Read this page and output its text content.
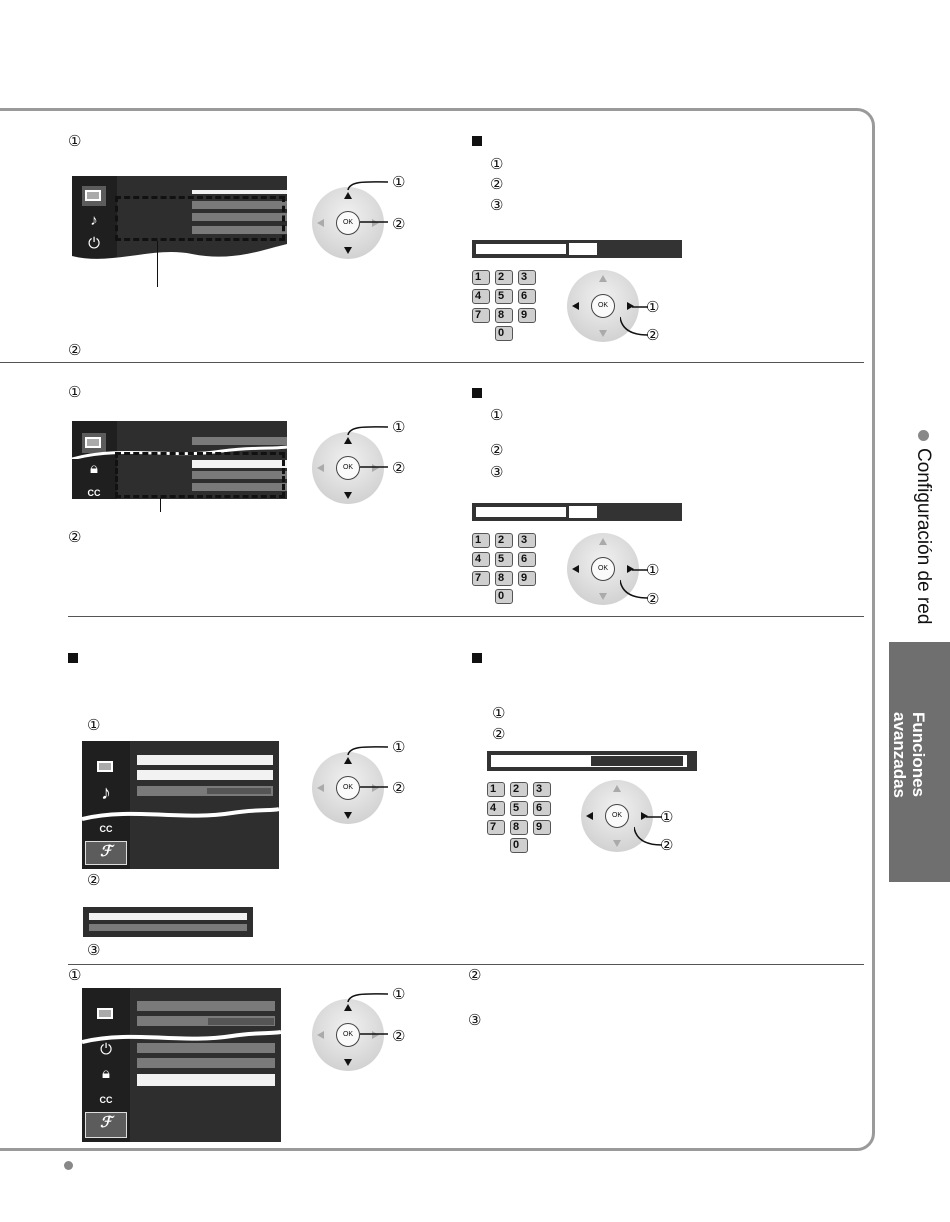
①
♪
⏻
OK
①
②
②
①
②
③
1	2	3
4	5	6
7	8	9
0
OK	①
②
①
🔒︎
CC
OK
①
②
②
①
②
③
1	2	3
4	5	6
7	8	9
0
OK	①
②
①
♪
CC
ℱ
②
③
OK
①
②
①
②
1	2	3
4	5	6
7	8	9
0
OK	①
②
①
⏻
🔒︎
CC
ℱ
OK
①
②
②
③
Configuración de red
Funciones
avanzadas
